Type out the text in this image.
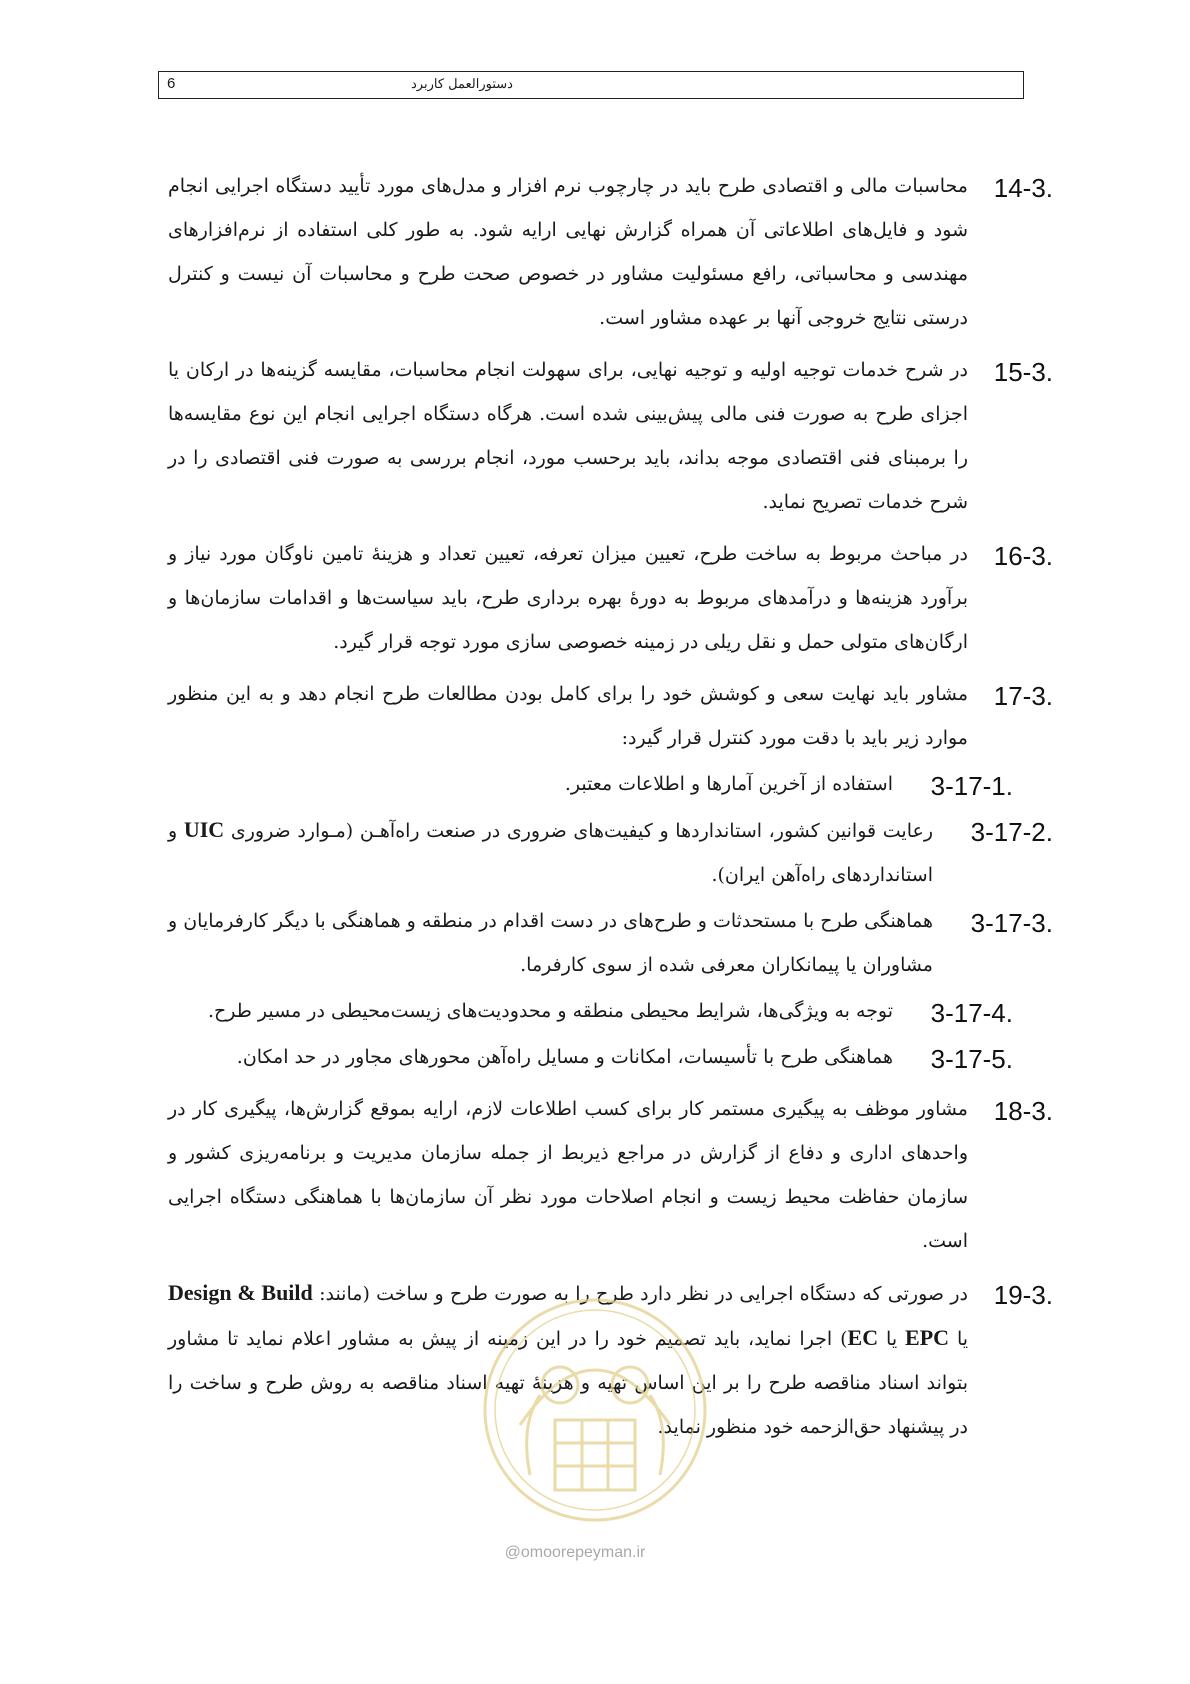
6	دستورالعمل کاربرد
14-3.
محاسبات مالی و اقتصادی طرح باید در چارچوب نرم افزار و مدل‌های مورد تأیید دستگاه اجرایی انجام شود و فایل‌های اطلاعاتی آن همراه گزارش نهایی ارایه شود. به طور کلی استفاده از نرم‌افزارهای مهندسی و محاسباتی، رافع مسئولیت مشاور در خصوص صحت طرح و محاسبات آن نیست و کنترل درستی نتایج خروجی آنها بر عهده مشاور است.
15-3.
در شرح خدمات توجیه اولیه و توجیه نهایی، برای سهولت انجام محاسبات، مقایسه گزینه‌ها در ارکان یا اجزای طرح به صورت فنی مالی پیش‌بینی شده است. هرگاه دستگاه اجرایی انجام این نوع مقایسه‌ها را برمبنای فنی اقتصادی موجه بداند، باید برحسب مورد، انجام بررسی به صورت فنی اقتصادی را در شرح خدمات تصریح نماید.
16-3.
در مباحث مربوط به ساخت طرح، تعیین میزان تعرفه، تعیین تعداد و هزینهٔ تامین ناوگان مورد نیاز و برآورد هزینه‌ها و درآمدهای مربوط به دورهٔ بهره برداری طرح، باید سیاست‌ها و اقدامات سازمان‌ها و ارگان‌های متولی حمل و نقل ریلی در زمینه خصوصی سازی مورد توجه قرار گیرد.
17-3.
مشاور باید نهایت سعی و کوشش خود را برای کامل بودن مطالعات طرح انجام دهد و به این منظور موارد زیر باید با دقت مورد کنترل قرار گیرد:
3-17-1.
استفاده از آخرین آمارها و اطلاعات معتبر.
3-17-2.
رعایت قوانین کشور، استانداردها و کیفیت‌های ضروری در صنعت راه‌آهـن (مـوارد ضروری UIC و استانداردهای راه‌آهن ایران).
3-17-3.
هماهنگی طرح با مستحدثات و طرح‌های در دست اقدام در منطقه و هماهنگی با دیگر کارفرمایان و مشاوران یا پیمانکاران معرفی شده از سوی کارفرما.
3-17-4.
توجه به ویژگی‌ها، شرایط محیطی منطقه و محدودیت‌های زیست‌محیطی در مسیر طرح.
3-17-5.
هماهنگی طرح با تأسیسات، امکانات و مسایل راه‌آهن محورهای مجاور در حد امکان.
18-3.
مشاور موظف به پیگیری مستمر کار برای کسب اطلاعات لازم، ارایه بموقع گزارش‌ها، پیگیری کار در واحدهای اداری و دفاع از گزارش در مراجع ذیربط از جمله سازمان مدیریت و برنامه‌ریزی کشور و سازمان حفاظت محیط زیست و انجام اصلاحات مورد نظر آن سازمان‌ها با هماهنگی دستگاه اجرایی است.
19-3.
در صورتی که دستگاه اجرایی در نظر دارد طرح را به صورت طرح و ساخت (مانند: Design & Build یا EPC یا EC) اجرا نماید، باید تصمیم خود را در این زمینه از پیش به مشاور اعلام نماید تا مشاور بتواند اسناد مناقصه طرح را بر این اساس تهیه و هزینهٔ تهیه اسناد مناقصه به روش طرح و ساخت را در پیشنهاد حق‌الزحمه خود منظور نماید.
@omoorepeyman.ir
